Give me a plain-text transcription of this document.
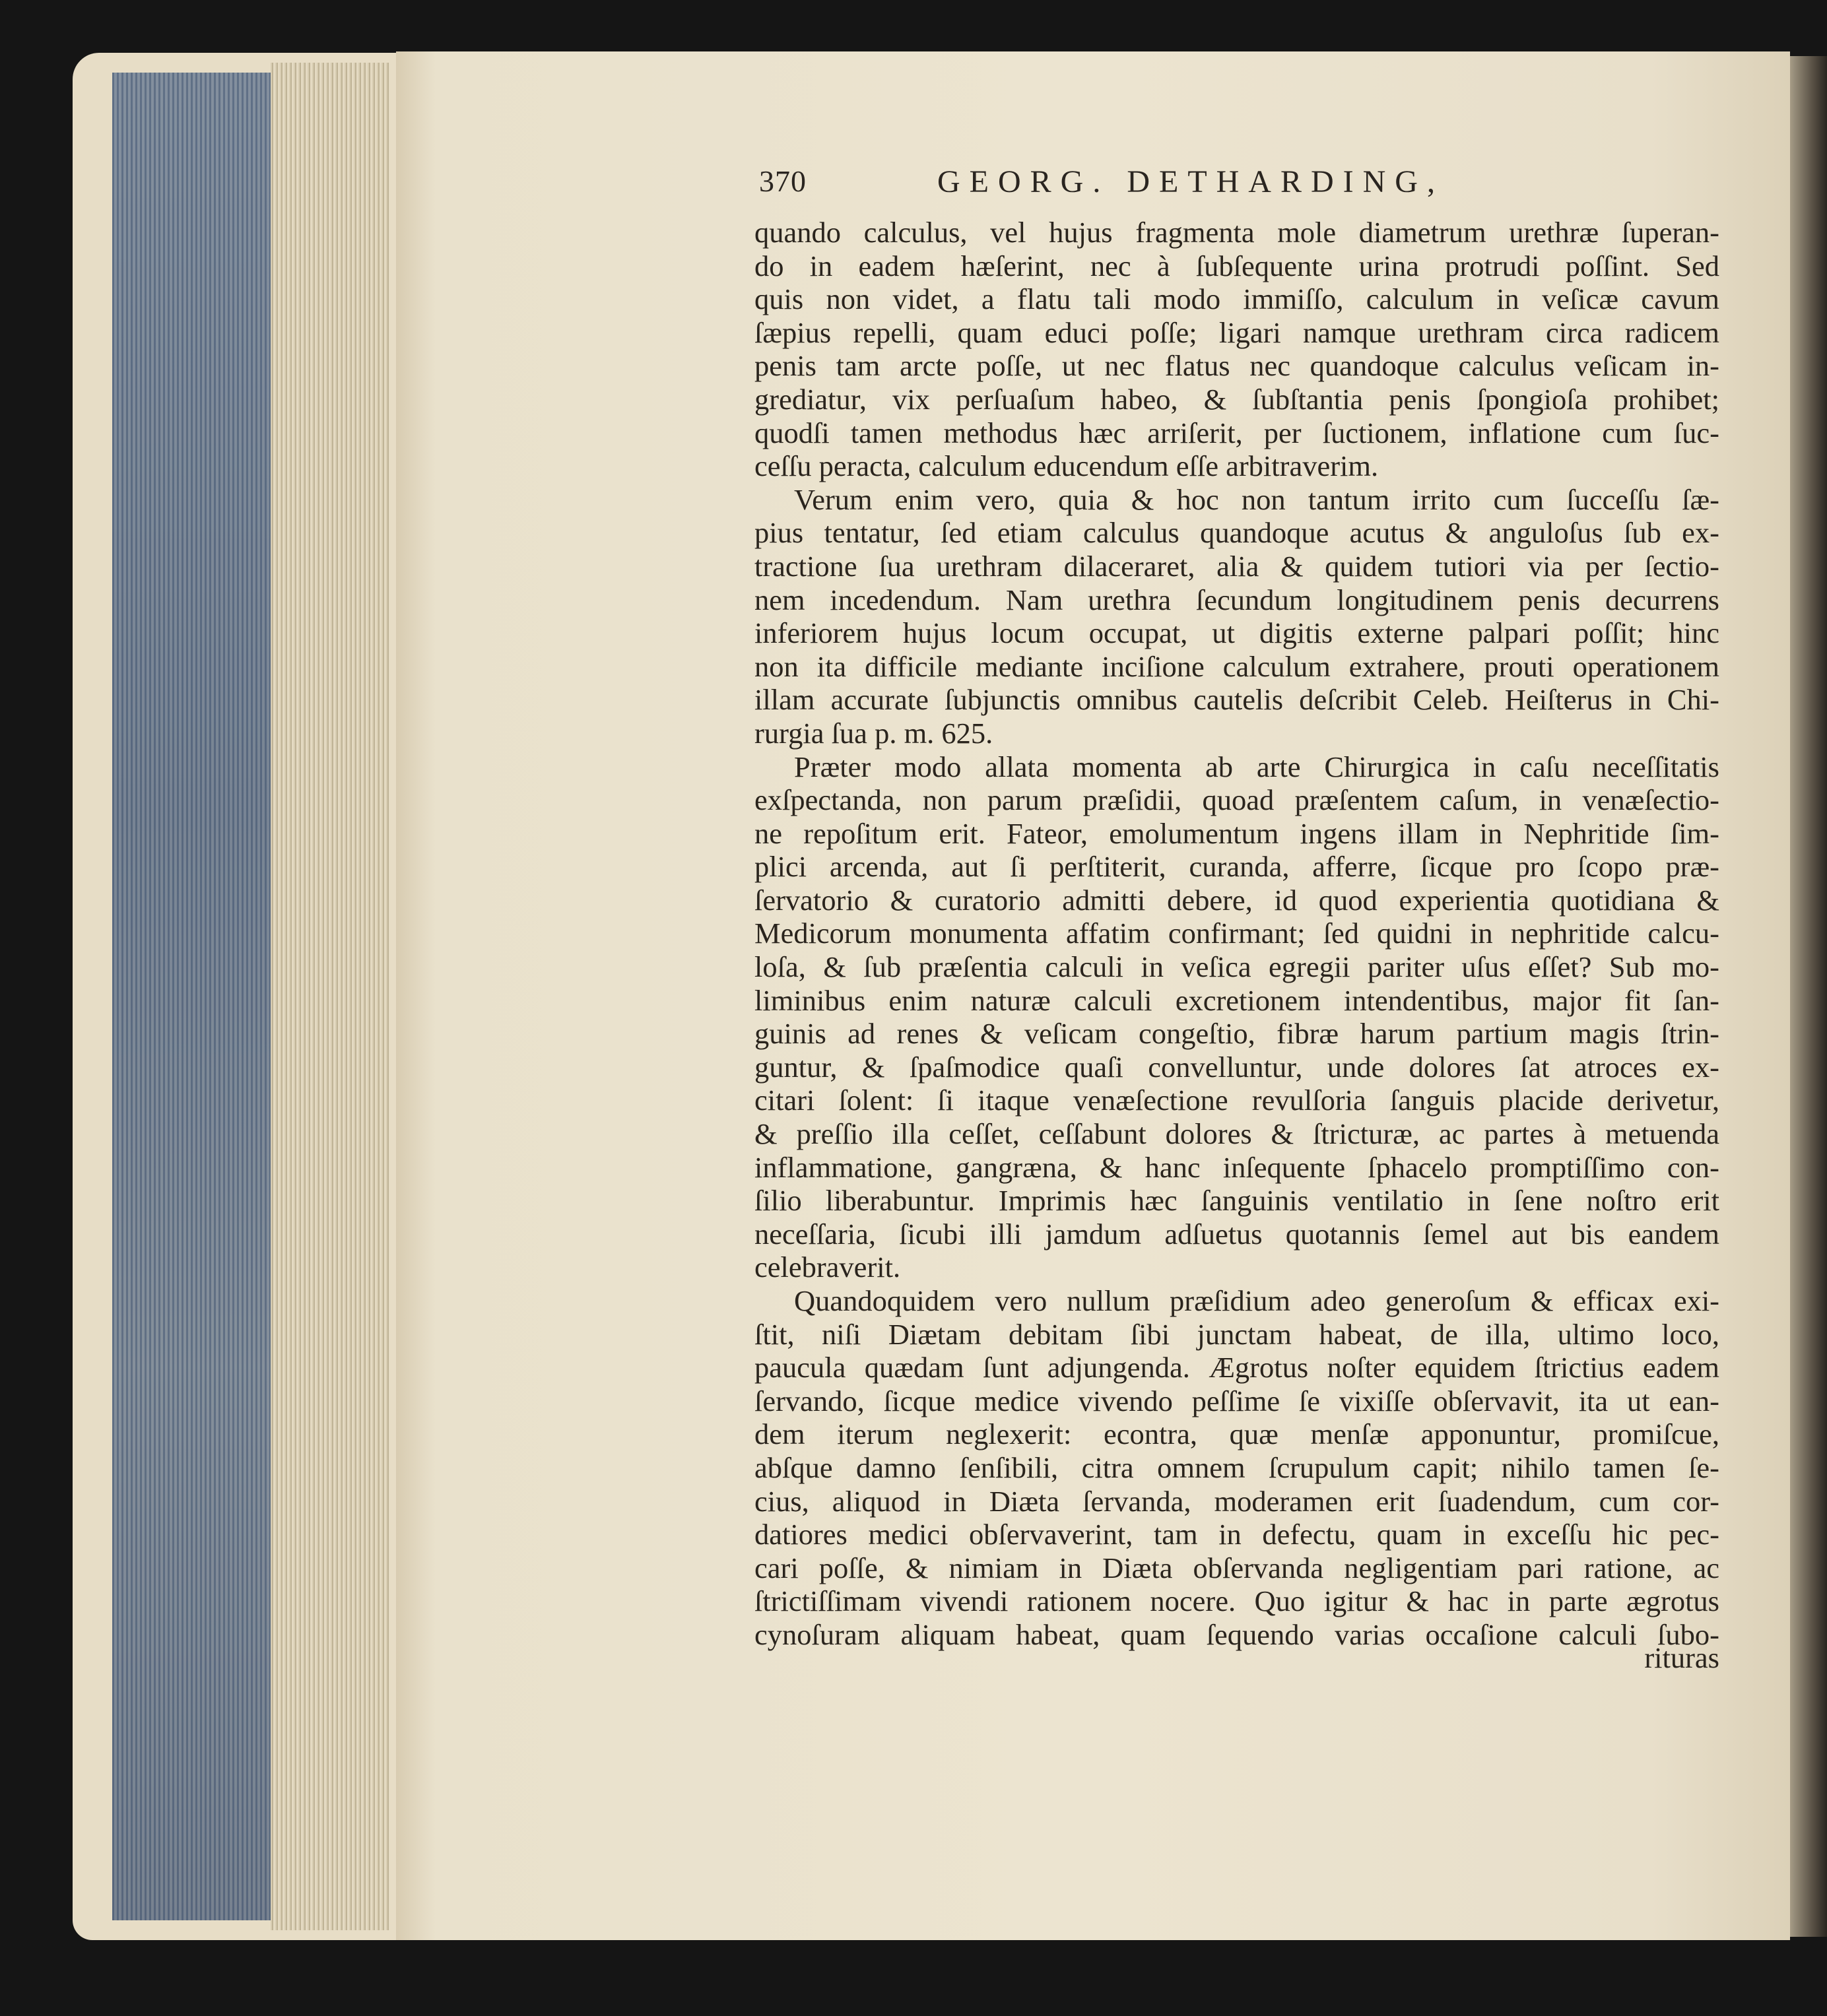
370	GEORG. DETHARDING,
quando calculus, vel hujus fragmenta mole diametrum urethræ ſuperan-
do in eadem hæſerint, nec à ſubſequente urina protrudi poſſint. Sed
quis non videt, a flatu tali modo immiſſo, calculum in veſicæ cavum
ſæpius repelli, quam educi poſſe; ligari namque urethram circa radicem
penis tam arcte poſſe, ut nec flatus nec quandoque calculus veſicam in-
grediatur, vix perſuaſum habeo, & ſubſtantia penis ſpongioſa prohibet;
quodſi tamen methodus hæc arriſerit, per ſuctionem, inflatione cum ſuc-
ceſſu peracta, calculum educendum eſſe arbitraverim.
Verum enim vero, quia & hoc non tantum irrito cum ſucceſſu ſæ-
pius tentatur, ſed etiam calculus quandoque acutus & anguloſus ſub ex-
tractione ſua urethram dilaceraret, alia & quidem tutiori via per ſectio-
nem incedendum. Nam urethra ſecundum longitudinem penis decurrens
inferiorem hujus locum occupat, ut digitis externe palpari poſſit; hinc
non ita difficile mediante inciſione calculum extrahere, prouti operationem
illam accurate ſubjunctis omnibus cautelis deſcribit Celeb. Heiſterus in Chi-
rurgia ſua p. m. 625.
Præter modo allata momenta ab arte Chirurgica in caſu neceſſitatis
exſpectanda, non parum præſidii, quoad præſentem caſum, in venæſectio-
ne repoſitum erit. Fateor, emolumentum ingens illam in Nephritide ſim-
plici arcenda, aut ſi perſtiterit, curanda, afferre, ſicque pro ſcopo præ-
ſervatorio & curatorio admitti debere, id quod experientia quotidiana &
Medicorum monumenta affatim confirmant; ſed quidni in nephritide calcu-
loſa, & ſub præſentia calculi in veſica egregii pariter uſus eſſet? Sub mo-
liminibus enim naturæ calculi excretionem intendentibus, major fit ſan-
guinis ad renes & veſicam congeſtio, fibræ harum partium magis ſtrin-
guntur, & ſpaſmodice quaſi convelluntur, unde dolores ſat atroces ex-
citari ſolent: ſi itaque venæſectione revulſoria ſanguis placide derivetur,
& preſſio illa ceſſet, ceſſabunt dolores & ſtricturæ, ac partes à metuenda
inflammatione, gangræna, & hanc inſequente ſphacelo promptiſſimo con-
ſilio liberabuntur. Imprimis hæc ſanguinis ventilatio in ſene noſtro erit
neceſſaria, ſicubi illi jamdum adſuetus quotannis ſemel aut bis eandem
celebraverit.
Quandoquidem vero nullum præſidium adeo generoſum & efficax exi-
ſtit, niſi Diætam debitam ſibi junctam habeat, de illa, ultimo loco,
paucula quædam ſunt adjungenda. Ægrotus noſter equidem ſtrictius eadem
ſervando, ſicque medice vivendo peſſime ſe vixiſſe obſervavit, ita ut ean-
dem iterum neglexerit: econtra, quæ menſæ apponuntur, promiſcue,
abſque damno ſenſibili, citra omnem ſcrupulum capit; nihilo tamen ſe-
cius, aliquod in Diæta ſervanda, moderamen erit ſuadendum, cum cor-
datiores medici obſervaverint, tam in defectu, quam in exceſſu hic pec-
cari poſſe, & nimiam in Diæta obſervanda negligentiam pari ratione, ac
ſtrictiſſimam vivendi rationem nocere. Quo igitur & hac in parte ægrotus
cynoſuram aliquam habeat, quam ſequendo varias occaſione calculi ſubo-
rituras
